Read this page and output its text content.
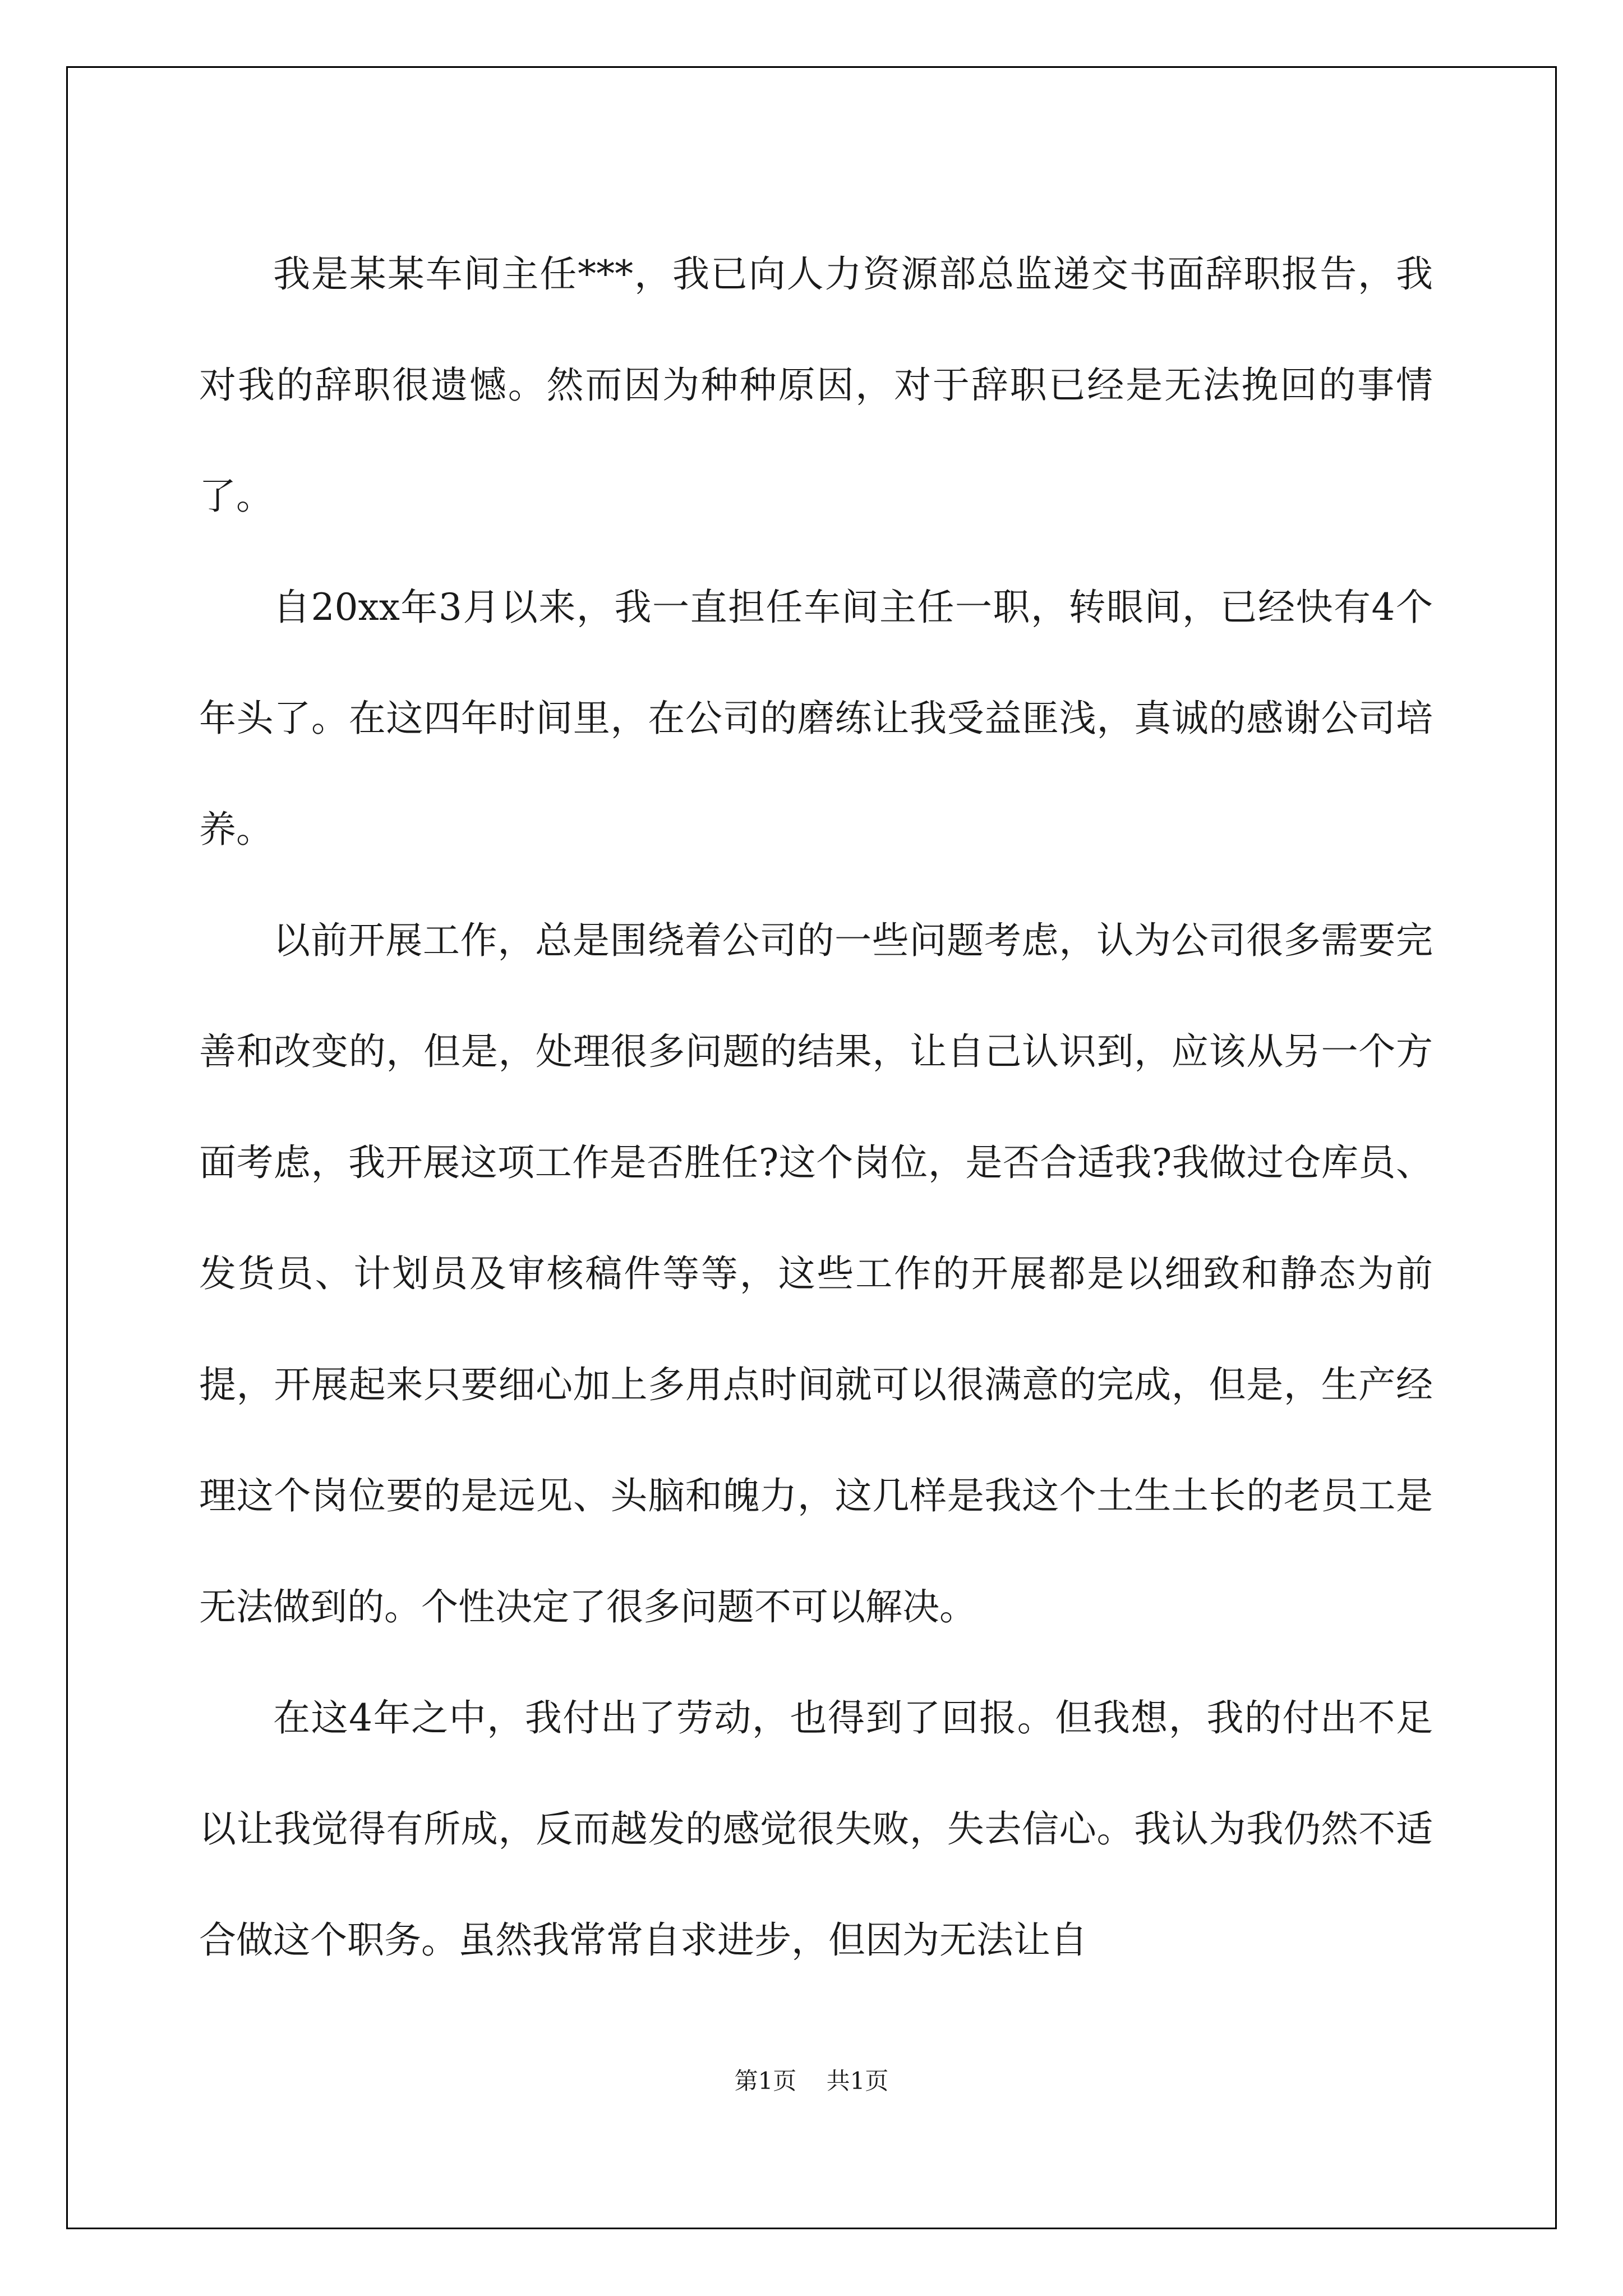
我是某某车间主任***，我已向人力资源部总监递交书面辞职报告，我对我的辞职很遗憾。然而因为种种原因，对于辞职已经是无法挽回的事情了。

自20xx年3月以来，我一直担任车间主任一职，转眼间，已经快有4个年头了。在这四年时间里，在公司的磨练让我受益匪浅，真诚的感谢公司培养。

以前开展工作，总是围绕着公司的一些问题考虑，认为公司很多需要完善和改变的，但是，处理很多问题的结果，让自己认识到，应该从另一个方面考虑，我开展这项工作是否胜任?这个岗位，是否合适我?我做过仓库员、发货员、计划员及审核稿件等等，这些工作的开展都是以细致和静态为前提，开展起来只要细心加上多用点时间就可以很满意的完成，但是，生产经理这个岗位要的是远见、头脑和魄力，这几样是我这个土生土长的老员工是无法做到的。个性决定了很多问题不可以解决。

在这4年之中，我付出了劳动，也得到了回报。但我想，我的付出不足以让我觉得有所成，反而越发的感觉很失败，失去信心。我认为我仍然不适合做这个职务。虽然我常常自求进步，但因为无法让自

第1页 共1页
